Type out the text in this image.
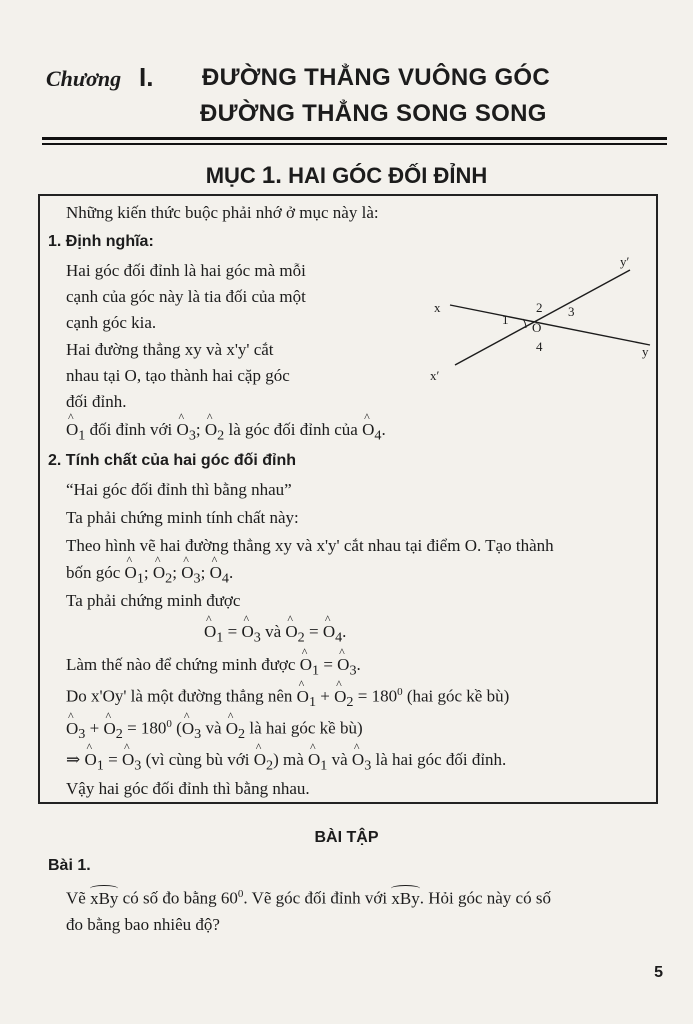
Chương I. ĐƯỜNG THẲNG VUÔNG GÓC
ĐƯỜNG THẲNG SONG SONG
MỤC 1. HAI GÓC ĐỐI ĐỈNH
Những kiến thức buộc phải nhớ ở mục này là:
1. Định nghĩa:
Hai góc đối đỉnh là hai góc mà mỗi
cạnh của góc này là tia đối của một
cạnh góc kia.
Hai đường thẳng xy và x'y' cắt
nhau tại O, tạo thành hai cặp góc
đối đỉnh.
^ $O_1$ đối đỉnh với ^ $O_3$; ^ $O_2$ là góc đối đỉnh của ^ $O_4$.
2. Tính chất của hai góc đối đỉnh
“Hai góc đối đỉnh thì bằng nhau”
Ta phải chứng minh tính chất này:
Theo hình vẽ hai đường thẳng xy và x'y' cắt nhau tại điểm O. Tạo thành
bốn góc ^ $O_1$; ^ $O_2$; ^ $O_3$; ^ $O_4$.
Ta phải chứng minh được
^ $O_1$ = ^ $O_3$ và ^ $O_2$ = ^ $O_4$.
Làm thế nào để chứng minh được ^ $O_1$ = ^ $O_3$.
Do x'Oy' là một đường thẳng nên ^ $O_1$ + ^ $O_2 = 180^0$ (hai góc kề bù)
^ $O_3$ + ^ $O_2 = 180^0$ (^ $O_3$ và ^ $O_2$ là hai góc kề bù)
⇒ ^ $O_1$ = ^ $O_3$ (vì cùng bù với ^ $O_2$) mà ^ $O_1$ và ^ $O_3$ là hai góc đối đỉnh.
Vậy hai góc đối đỉnh thì bằng nhau.
x
y
x′
y′
O
1
2 3
4
BÀI TẬP
Bài 1.
Vẽ xBy có số đo bằng $60^0$. Vẽ góc đối đỉnh với xBy. Hỏi góc này có số
đo bằng bao nhiêu độ?
5
